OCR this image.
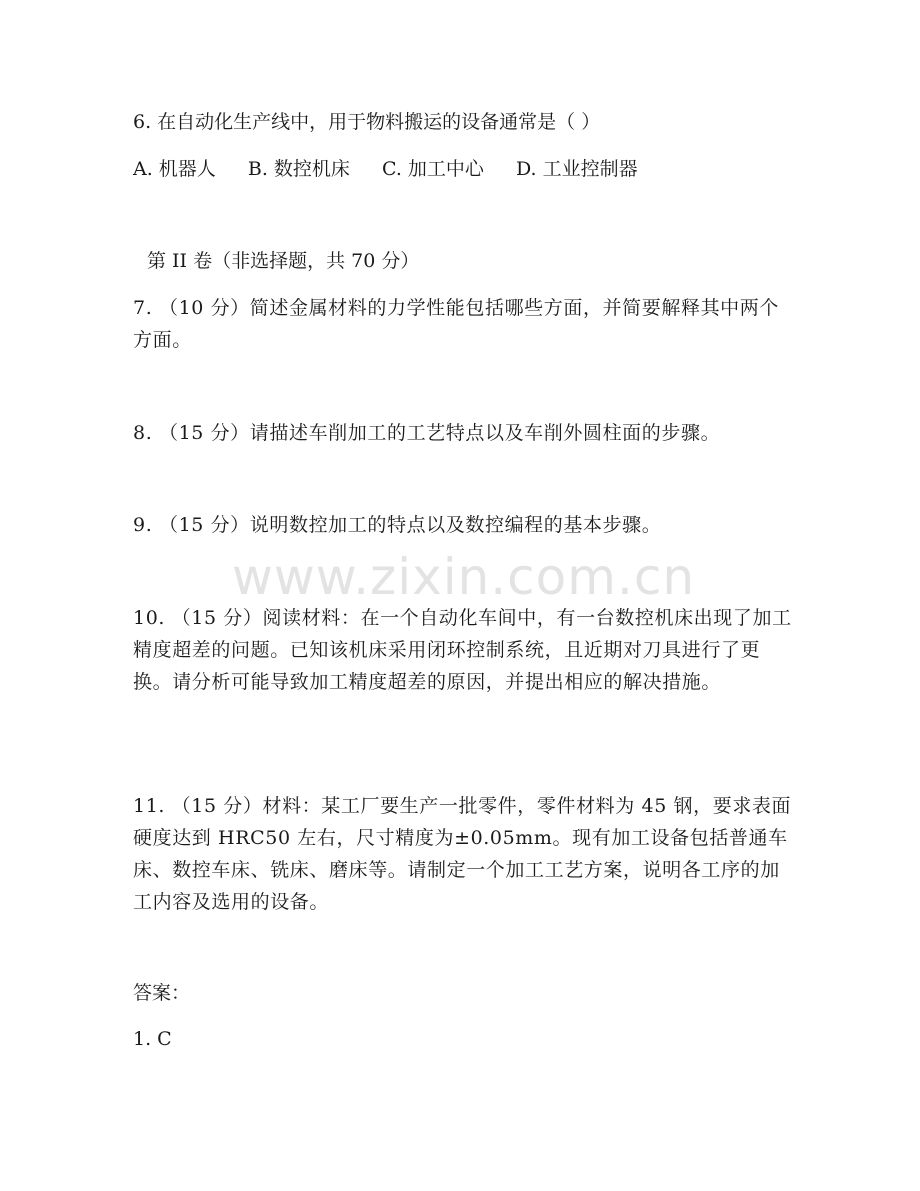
www.zixin.com.cn
6. 在自动化生产线中，用于物料搬运的设备通常是（ ）
A. 机器人 B. 数控机床 C. 加工中心 D. 工业控制器
第 II 卷（非选择题，共 70 分）
7. （10 分）简述金属材料的力学性能包括哪些方面，并简要解释其中两个方面。
8. （15 分）请描述车削加工的工艺特点以及车削外圆柱面的步骤。
9. （15 分）说明数控加工的特点以及数控编程的基本步骤。
10. （15 分）阅读材料：在一个自动化车间中，有一台数控机床出现了加工精度超差的问题。已知该机床采用闭环控制系统，且近期对刀具进行了更换。请分析可能导致加工精度超差的原因，并提出相应的解决措施。
11. （15 分）材料：某工厂要生产一批零件，零件材料为 45 钢，要求表面硬度达到 HRC50 左右，尺寸精度为±0.05mm。现有加工设备包括普通车床、数控车床、铣床、磨床等。请制定一个加工工艺方案，说明各工序的加工内容及选用的设备。
答案：
1. C
